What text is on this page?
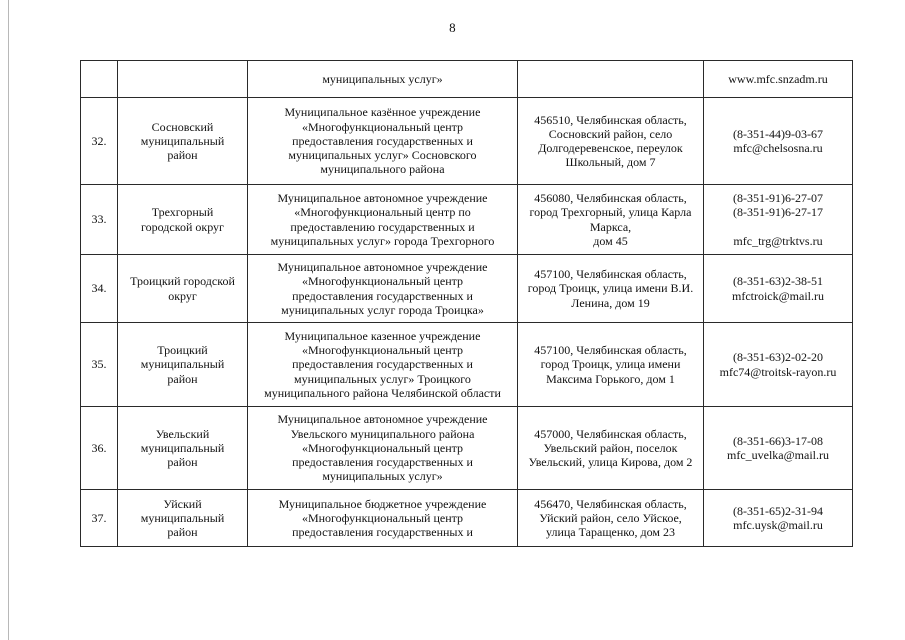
8

		муниципальных услуг»		www.mfc.snzadm.ru

32.	Сосновский
муниципальный
район	Муниципальное казённое учреждение
«Многофункциональный центр
предоставления государственных и
муниципальных услуг» Сосновского
муниципального района	456510, Челябинская область,
Сосновский район, село
Долгодеревенское, переулок
Школьный, дом 7	(8-351-44)9-03-67
mfc@chelsosna.ru

33.	Трехгорный
городской округ	Муниципальное автономное учреждение
«Многофункциональный центр по
предоставлению государственных и
муниципальных услуг» города Трехгорного	456080, Челябинская область,
город Трехгорный, улица Карла
Маркса,
дом 45	(8-351-91)6-27-07
(8-351-91)6-27-17
mfc_trg@trktvs.ru

34.	Троицкий городской
округ	Муниципальное автономное учреждение
«Многофункциональный центр
предоставления государственных и
муниципальных услуг города Троицка»	457100, Челябинская область,
город Троицк, улица имени В.И.
Ленина, дом 19	(8-351-63)2-38-51
mfctroick@mail.ru

35.	Троицкий
муниципальный
район	Муниципальное казенное учреждение
«Многофункциональный центр
предоставления государственных и
муниципальных услуг» Троицкого
муниципального района Челябинской области	457100, Челябинская область,
город Троицк, улица имени
Максима Горького, дом 1	(8-351-63)2-02-20
mfc74@troitsk-rayon.ru

36.	Увельский
муниципальный
район	Муниципальное автономное учреждение
Увельского муниципального района
«Многофункциональный центр
предоставления государственных и
муниципальных услуг»	457000, Челябинская область,
Увельский район, поселок
Увельский, улица Кирова, дом 2	(8-351-66)3-17-08
mfc_uvelka@mail.ru

37.	Уйский
муниципальный
район	Муниципальное бюджетное учреждение
«Многофункциональный центр
предоставления государственных и	456470, Челябинская область,
Уйский район, село Уйское,
улица Таращенко, дом 23	(8-351-65)2-31-94
mfc.uysk@mail.ru
